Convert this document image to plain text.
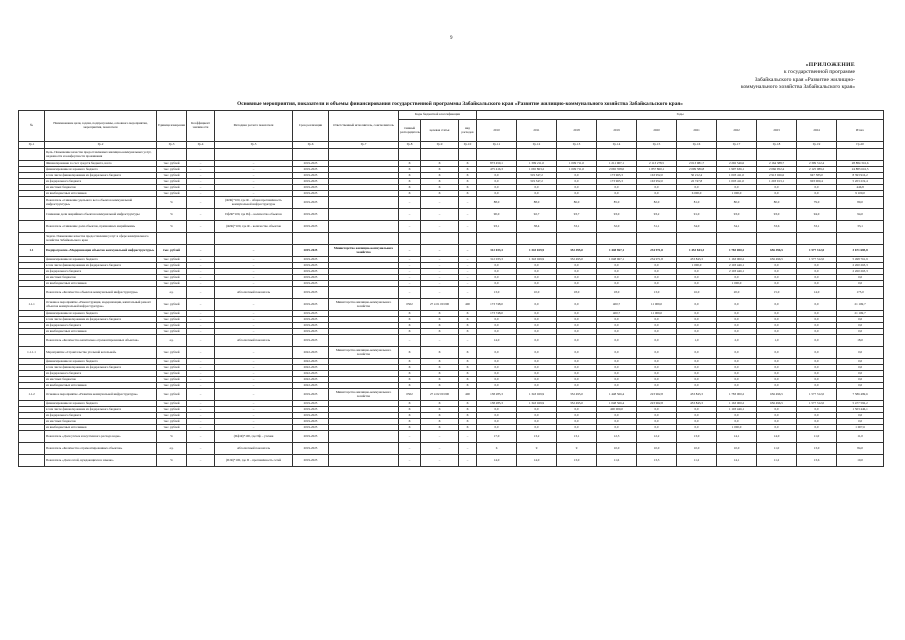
9
«ПРИЛОЖЕНИЕ
к государственной программе
Забайкальского края «Развитие жилищно-
коммунального хозяйства Забайкальского края»
Основные мероприятия, показатели и объемы финансирования государственной программы Забайкальского края «Развитие жилищно-коммунального хозяйства Забайкальского края»
№	Наименование цели, задачи, подпрограммы, основного мероприятия, мероприятия, показателя	Единица измерения	Коэффициент значимости	Методика расчета показателя	Срок реализации	Ответственный исполнитель, соисполнитель	Коды бюджетной классификации			Годы									
							главный распорядитель	целевая статья	вид расходов	2010	2011	2018	2019	2020	2021	2022	2023	2024	Итого

Гр.1	Гр.2	Гр.3	Гр.4	Гр.5	Гр.6	Гр.7	Гр.8	Гр.9	Гр.10	Гр.11	Гр.12	Гр.13	Гр.14	Гр.15	Гр.16	Гр.17	Гр.18	Гр.19	Гр.20
	Цель. Повышение качества предоставляемых жилищно-коммунальных услуг, надежности и комфортности проживания																		
	Финансирование за счет средств бюджета, всего	тыс. рублей	–	–	2019-2025		X	X	X	873 450,1	1 399 211,0	1 009 711,0	1 211 907,1	2 113 278,5	2 013 981,7	2 292 546,6	2 164 388,7	2 399 312,4	28 884 316,6
	финансирование из краевого бюджета	тыс. рублей	–	–	2019-2025		X	X	X	475 416,3	1 065 863,2	1 009 711,0	2 065 358,0	1 857 860,1	2 099 586,8	1 997 636,1	2 066 952,4	2 125 089,2	24 883 616,5
	в том числе финансирование из федерального бюджета	тыс. рублей	–	–	2019-2025		X	X	X	0,0	319 347,2	0,0	173 965,3	163 952,0	50 212,4	1 003 411,0	2 913 026,6	947 583,0	8 393 916,2
	из федерального бюджета	тыс. рублей	–	–	2019-2025		X	X	X	0,0	319 347,2	0,0	173 965,3	163 952,0	22 747,8	1 003 411,0	1 203 913,1	903 000,4	5 203 219,4
	из местных бюджетов	тыс. рублей	–	–	2019-2025		X	X	X	0,0	0,0	0,0	0,0	0,0	0,0	0,0	0,0	0,0	446,8
	из внебюджетных источников	тыс. рублей	–	–	2019-2025		X	X	X	0,0	0,0	0,0	0,0	0,0	6 000,0	1 000,0	0,0	0,0	9 100,0
	Показатель «Снижение удельного веса объектов коммунальной инфраструктуры»	%	–	(Ф/Ф)*100, где Ф – общая протяжённость коммунальной инфраструктуры	2019-2025		–	–	–	88,0	88,0	86,0	85,0	82,0	81,0	80,0	80,0	79,0	80,0
	Снижение доли аварийных объектов коммунальной инфраструктуры	%	–	Пф/Ф*100, где Пф – количество объектов	2019-2025		–	–	–	90,0	92,7	93,7	93,0	93,2	91,0	93,0	93,0	94,0	94,0
	Показатель «Снижение доли объектов, признанных аварийными»	%	–	(Ф/Ф)*100, где Ф – количество объектов	2019-2025		–	–	–	93,1	38,4	33,1	32,0	31,1	34,0	34,1	33,6	33,1	33,1
	Задача. Повышение качества предоставления услуг в сфере коммунального хозяйства Забайкальского края																		
1.1	Подпрограмма «Модернизация объектов коммунальной инфраструктуры»	тыс. рублей	–	–	2019-2025	Министерство жилищно-коммунального хозяйства	–	–	–	312 033,3	1 343 029,9	352 495,0	1 448 967,1	234 971,8	1 453 843,3	1 783 000,2	656 496,5	1 577 312,0	3 671 685,8
	финансирование из краевого бюджета	тыс. рублей	–	–	2019-2025		–	–	–	312 033,3	1 343 029,9	352 495,0	1 048 967,1	234 971,8	453 843,3	1 163 000,2	656 496,5	1 577 312,0	5 498 761,9
	в том числе финансирование из федерального бюджета	тыс. рублей	–	–	2019-2025		–	–	–	0,0	0,0	0,0	0,0	0,0	1 000,0	2 103 446,1	0,0	0,0	2 260 263,3
	из федерального бюджета	тыс. рублей	–	–	2019-2025		–	–	–	0,0	0,0	0,0	0,0	0,0	0,0	2 103 446,1	0,0	0,0	2 260 263,3
	из местных бюджетов	тыс. рублей	–	–	2019-2025		–	–	–	0,0	0,0	0,0	0,0	0,0	0,0	0,0	0,0	0,0	0,0
	из внебюджетных источников	тыс. рублей	–	–	2019-2025		–	–	–	0,0	0,0	0,0	0,0	0,0	0,0	1 000,0	0,0	0,0	0,0
	Показатель «Количество объектов коммунальной инфраструктуры»	ед.	–	Абсолютный показатель	2019-2025		–	–	–	13,0	10,0	18,0	18,0	13,0	16,0	20,0	15,0	14,0	175,0
1.1.1	Основное мероприятие «Реконструкция, модернизация, капитальный ремонт объектов коммунальной инфраструктуры»	тыс. рублей	–	–	2019-2025	Министерство жилищно-коммунального хозяйства	0502	27 4 01 00 000	400	173 748,0	0,0	0,0	400,7	11 009,0	0,0	0,0	0,0	0,0	21 169,7
	финансирование из краевого бюджета	тыс. рублей	–	–	2019-2025		X	X	X	173 748,0	0,0	0,0	400,7	11 009,0	0,0	0,0	0,0	0,0	21 169,7
	в том числе финансирование из федерального бюджета	тыс. рублей	–	–	2019-2025		X	X	X	0,0	0,0	0,0	0,0	0,0	0,0	0,0	0,0	0,0	0,0
	из федерального бюджета	тыс. рублей	–	–	2019-2025		X	X	X	0,0	0,0	0,0	0,0	0,0	0,0	0,0	0,0	0,0	0,0
	из внебюджетных источников	тыс. рублей	–	–	2019-2025		X	X	X	0,0	0,0	0,0	0,0	0,0	0,0	0,0	0,0	0,0	0,0
	Показатель «Количество капитально отремонтированных объектов»	ед.	–	Абсолютный показатель	2019-2025		–	–	–	14,0	0,0	0,0	0,0	0,0	1,0	2,0	1,0	0,0	18,0
1.1.1.1	Мероприятие «Строительство угольной котельной»	тыс. рублей	–	–	2022-2023	Министерство жилищно-коммунального хозяйства	X	X	X	0,0	0,0	0,0	0,0	0,0	0,0	0,0	0,0	0,0	0,0
	финансирование из краевого бюджета	тыс. рублей	–	–	2022-2023		X	X	X	0,0	0,0	0,0	0,0	0,0	0,0	0,0	0,0	0,0	0,0
	в том числе финансирование из федерального бюджета	тыс. рублей	–	–	2022-2023		X	X	X	0,0	0,0	0,0	0,0	0,0	0,0	0,0	0,0	0,0	0,0
	из федерального бюджета	тыс. рублей	–	–	2022-2023		X	X	X	0,0	0,0	0,0	0,0	0,0	0,0	0,0	0,0	0,0	0,0
	из местных бюджетов	тыс. рублей	–	–	2022-2023		X	X	X	0,0	0,0	0,0	0,0	0,0	0,0	0,0	0,0	0,0	0,0
	из внебюджетных источников	тыс. рублей	–	–	2022-2023		X	X	X	0,0	0,0	0,0	0,0	0,0	0,0	0,0	0,0	0,0	0,0
1.1.2	Основное мероприятие «Развитие коммунальной инфраструктуры»	тыс. рублей	–	–	2019-2025	Министерство жилищно-коммунального хозяйства	0502	27 4 02 00 000	400	138 285,3	1 343 029,9	352 495,0	1 448 566,4	223 962,8	453 843,3	1 783 000,2	656 496,5	1 577 312,0	7 586 499,6
	финансирование из краевого бюджета	тыс. рублей	–	–	2019-2025		X	X	X	138 285,3	1 343 029,9	352 495,0	1 048 566,4	223 962,8	453 843,3	1 163 000,2	656 496,5	1 577 312,0	5 477 592,2
	в том числе финансирование из федерального бюджета	тыс. рублей	–	–	2019-2025		X	X	X	0,0	0,0	0,0	400 000,0	0,0	0,0	1 103 446,1	0,0	0,0	1 503 446,1
	из федерального бюджета	тыс. рублей	–	–	2019-2025		X	X	X	0,0	0,0	0,0	0,0	0,0	0,0	0,0	0,0	0,0	0,0
	из местных бюджетов	тыс. рублей	–	–	2019-2025		X	X	X	0,0	0,0	0,0	0,0	0,0	0,0	0,0	0,0	0,0	0,0
	из внебюджетных источников	тыс. рублей	–	–	2019-2025		X	X	X	0,0	0,0	0,0	0,0	0,0	0,0	1 000,0	0,0	0,0	1 007,6
	Показатель «Доля утечек и неучтенного расхода воды»	%	–	(Пф/Ф)*100, где Пф – утечки	2019-2025		–	–	–	17,0	13,2	13,1	12,3	12,2	13,0	14,1	14,0	11,0	11,0
	Показатель «Количество отремонтированных объектов»	ед.	–	Абсолютный показатель	2019-2025		–	–	–	6	9	9	10,0	10,0	10,0	10,0	11,0	13,0	84,0
	Показатель «Доля сетей, нуждающихся в замене»	%	–	(П/Ф)*100, где П – протяжённость сетей	2019-2025		–	–	–	14,0	14,0	13,0	11,6	13,3	11,2	14,1	11,2	13,6	10,0
